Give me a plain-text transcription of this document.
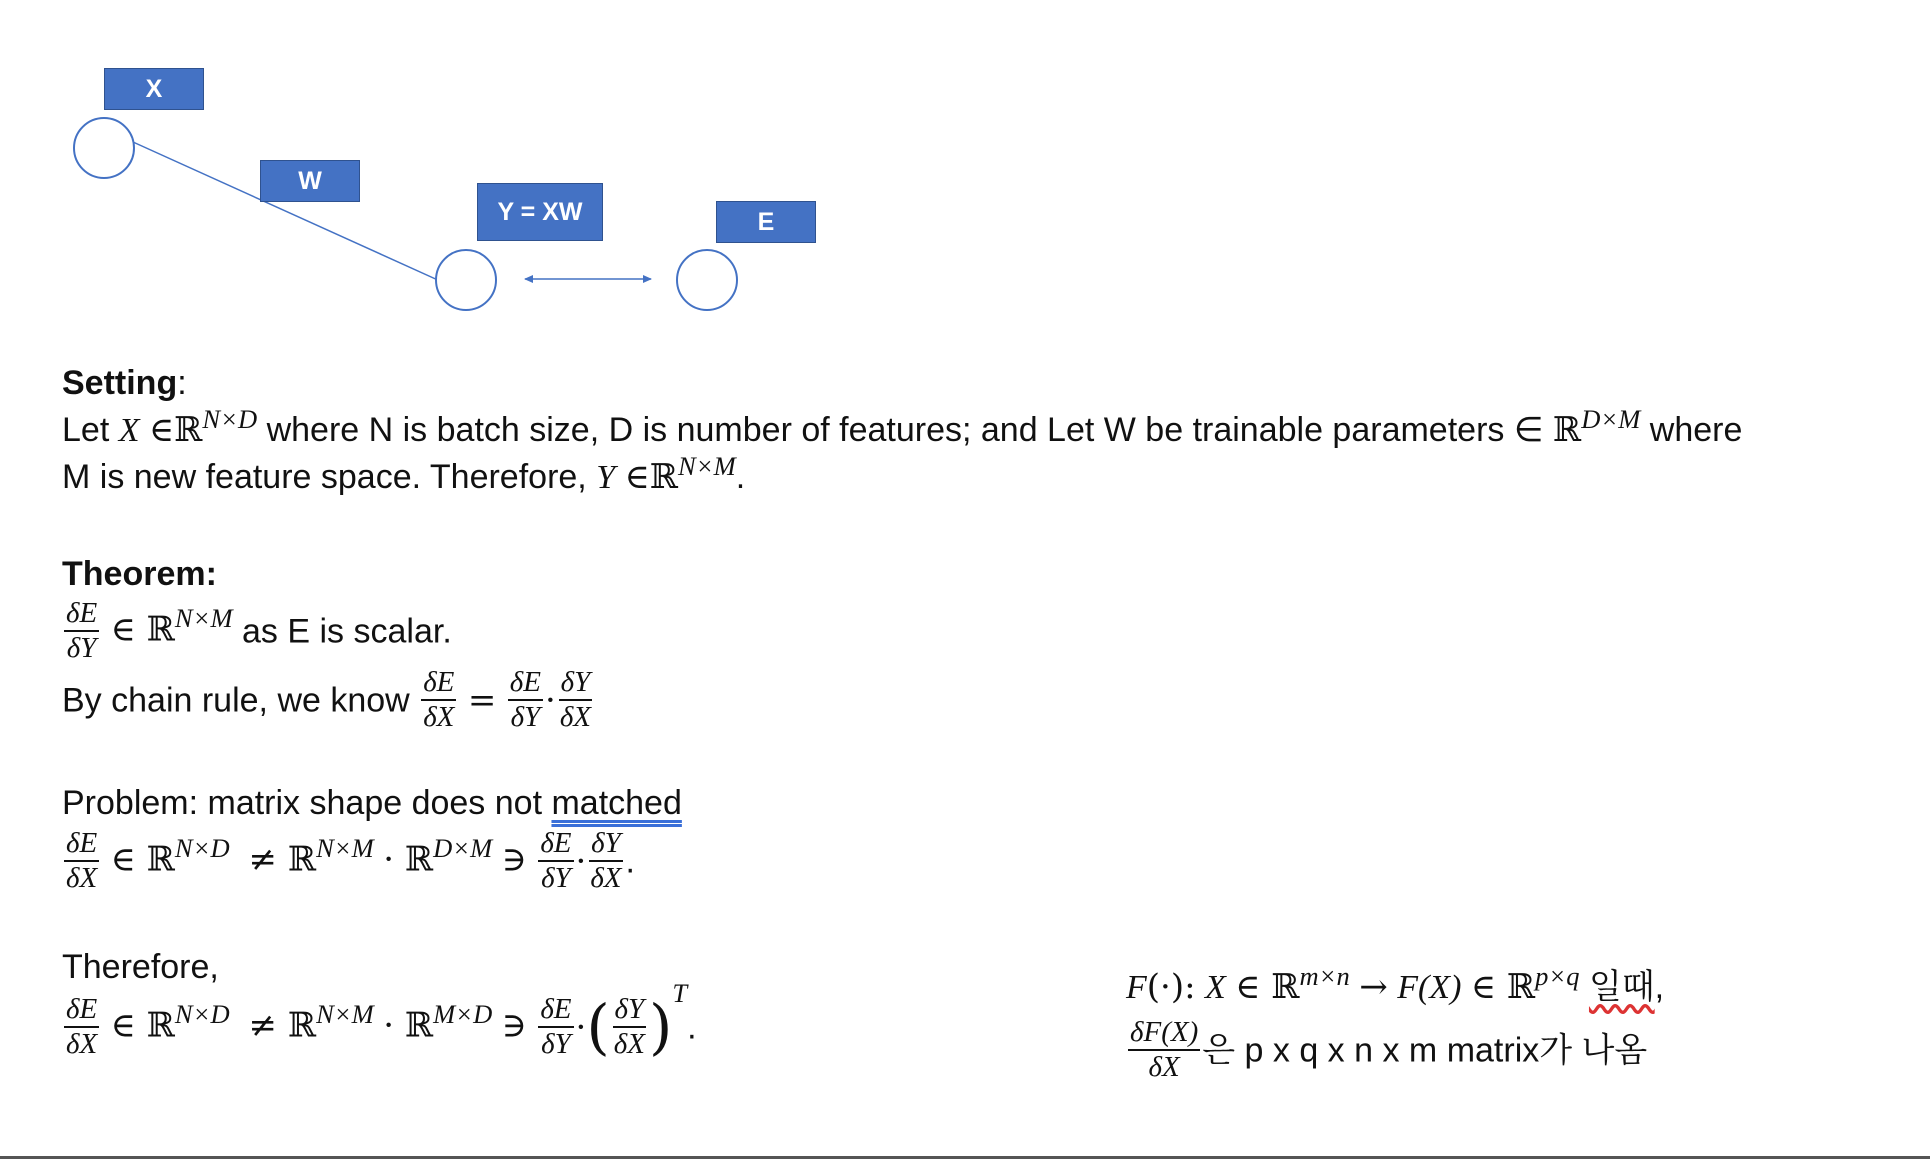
X
W
Y = XW	E
Setting:
Let X ∈ℝ$^{N\times D}$ where N is batch size, D is number of features; and Let W be trainable parameters ∈ ℝ$^{D\times M}$ where
M is new feature space. Therefore, Y ∈ℝ$^{N\times M}$.
Theorem:
$\frac{\delta E}{\delta Y}$ ∈ ℝ$^{N\times M}$ as E is scalar.
By chain rule, we know $\frac{\delta E}{\delta X} = \frac{\delta E}{\delta Y} \cdot \frac{\delta Y}{\delta X}$
Problem: matrix shape does not matched
$\frac{\delta E}{\delta X}$ ∈ ℝ$^{N\times D}$ ≠ ℝ$^{N\times M}$ · ℝ$^{D\times M}$ ∋ $\frac{\delta E}{\delta Y} \cdot \frac{\delta Y}{\delta X}$ .
Therefore,
$\frac{\delta E}{\delta X}$ ∈ ℝ$^{N\times D}$ ≠ ℝ$^{N\times M}$ · ℝ$^{M\times D}$ ∋ $\frac{\delta E}{\delta Y}$ ·( $\frac{\delta Y}{\delta X} )^T$.
F(·): X ∈ ℝ$^{m\times n}$ → F(X) ∈ ℝ$^{p\times q}$ 일때,
$\frac{\delta F(X)}{\delta X}$ 은 p x q x n x m matrix가 나옴
